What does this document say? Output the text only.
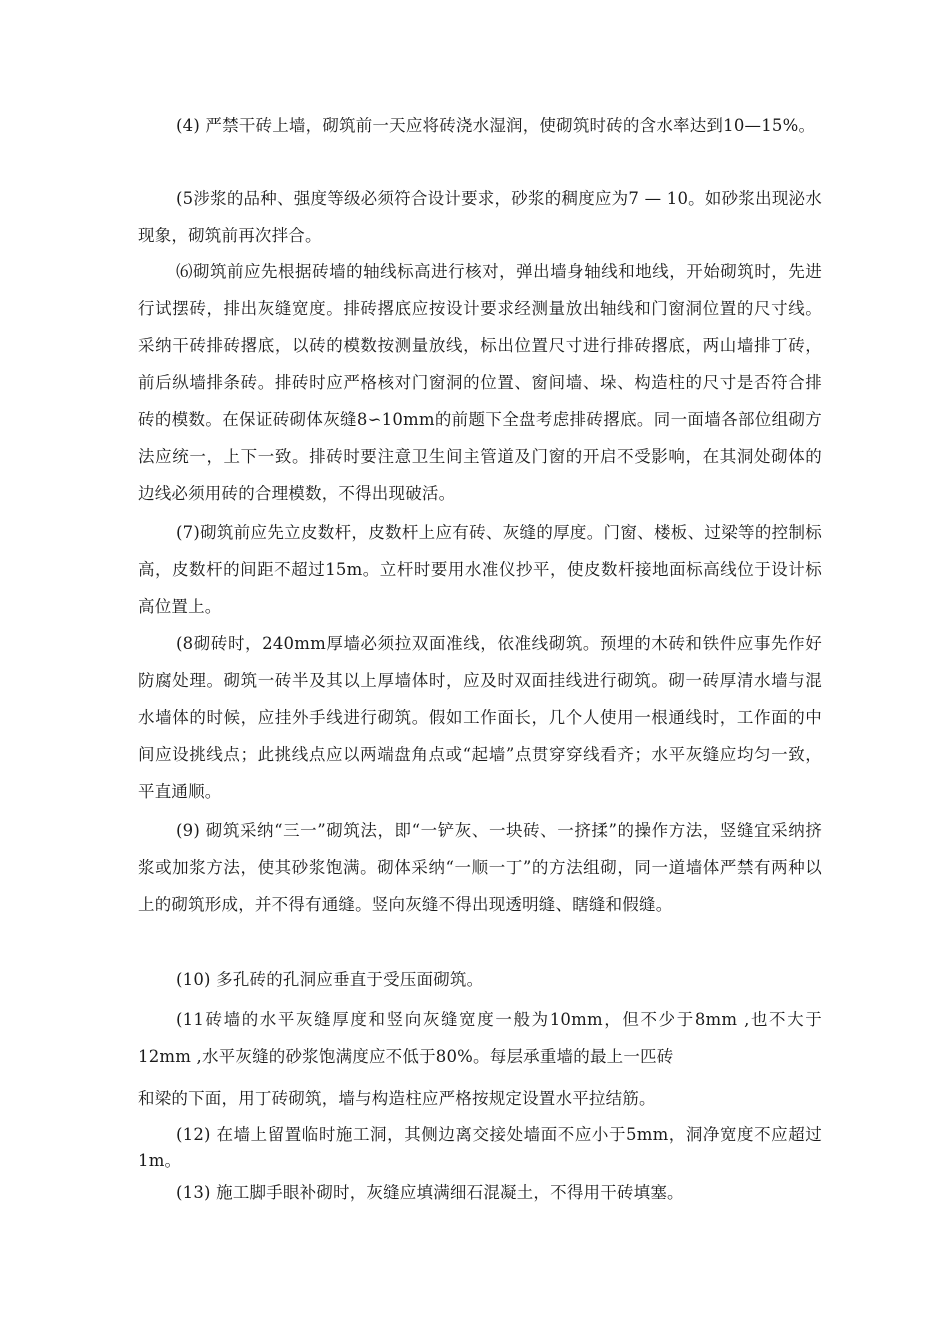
(4) 严禁干砖上墙，砌筑前一天应将砖浇水湿润，使砌筑时砖的含水率达到10—15%。

(5涉浆的品种、强度等级必须符合设计要求，砂浆的稠度应为7 — 10。如砂浆出现泌水现象，砌筑前再次拌合。

⑹砌筑前应先根据砖墙的轴线标高进行核对，弹出墙身轴线和地线，开始砌筑时，先进行试摆砖，排出灰缝宽度。排砖撂底应按设计要求经测量放出轴线和门窗洞位置的尺寸线。采纳干砖排砖撂底，以砖的模数按测量放线，标出位置尺寸进行排砖撂底，两山墙排丁砖，前后纵墙排条砖。排砖时应严格核对门窗洞的位置、窗间墙、垛、构造柱的尺寸是否符合排砖的模数。在保证砖砌体灰缝8∽10mm的前题下全盘考虑排砖撂底。同一面墙各部位组砌方法应统一，上下一致。排砖时要注意卫生间主管道及门窗的开启不受影响，在其洞处砌体的边线必须用砖的合理模数，不得出现破活。

(7)砌筑前应先立皮数杆，皮数杆上应有砖、灰缝的厚度。门窗、楼板、过梁等的控制标高，皮数杆的间距不超过15m。立杆时要用水准仪抄平，使皮数杆接地面标高线位于设计标高位置上。

(8砌砖时，240mm厚墙必须拉双面准线，依准线砌筑。预埋的木砖和铁件应事先作好防腐处理。砌筑一砖半及其以上厚墙体时，应及时双面挂线进行砌筑。砌一砖厚清水墙与混水墙体的时候，应挂外手线进行砌筑。假如工作面长，几个人使用一根通线时，工作面的中间应设挑线点；此挑线点应以两端盘角点或“起墙”点贯穿穿线看齐；水平灰缝应均匀一致，平直通顺。

(9) 砌筑采纳“三一”砌筑法，即“一铲灰、一块砖、一挤揉”的操作方法，竖缝宜采纳挤浆或加浆方法，使其砂浆饱满。砌体采纳“一顺一丁”的方法组砌，同一道墙体严禁有两种以上的砌筑形成，并不得有通缝。竖向灰缝不得出现透明缝、瞎缝和假缝。

(10) 多孔砖的孔洞应垂直于受压面砌筑。

(11砖墙的水平灰缝厚度和竖向灰缝宽度一般为10mm，但不少于8mm ,也不大于12mm ,水平灰缝的砂浆饱满度应不低于80%。每层承重墙的最上一匹砖

和梁的下面，用丁砖砌筑，墙与构造柱应严格按规定设置水平拉结筋。

(12) 在墙上留置临时施工洞，其侧边离交接处墙面不应小于5mm，洞净宽度不应超过1m。

(13) 施工脚手眼补砌时，灰缝应填满细石混凝土，不得用干砖填塞。
